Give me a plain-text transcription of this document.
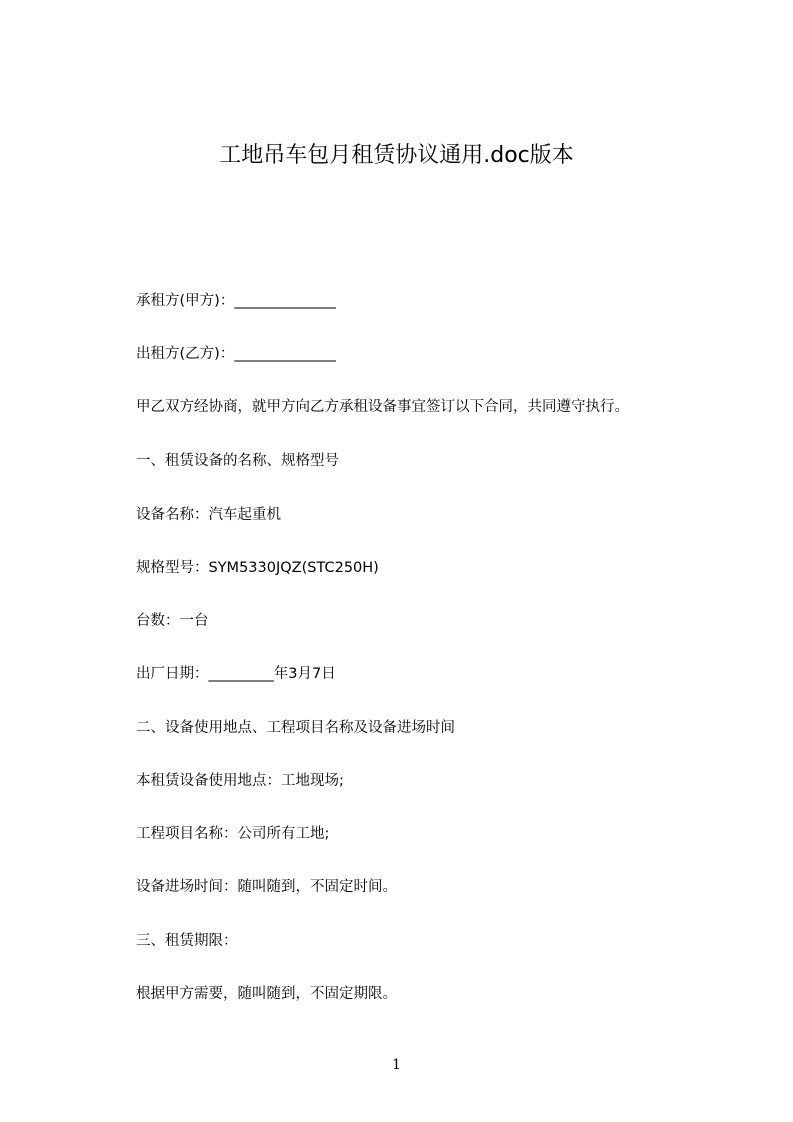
工地吊车包月租赁协议通用.doc版本
承租方(甲方)：______________
出租方(乙方)：______________
甲乙双方经协商，就甲方向乙方承租设备事宜签订以下合同，共同遵守执行。
一、租赁设备的名称、规格型号
设备名称：汽车起重机
规格型号：SYM5330JQZ(STC250H)
台数：一台
出厂日期：_________年3月7日
二、设备使用地点、工程项目名称及设备进场时间
本租赁设备使用地点：工地现场;
工程项目名称：公司所有工地;
设备进场时间：随叫随到，不固定时间。
三、租赁期限：
根据甲方需要，随叫随到，不固定期限。
1
